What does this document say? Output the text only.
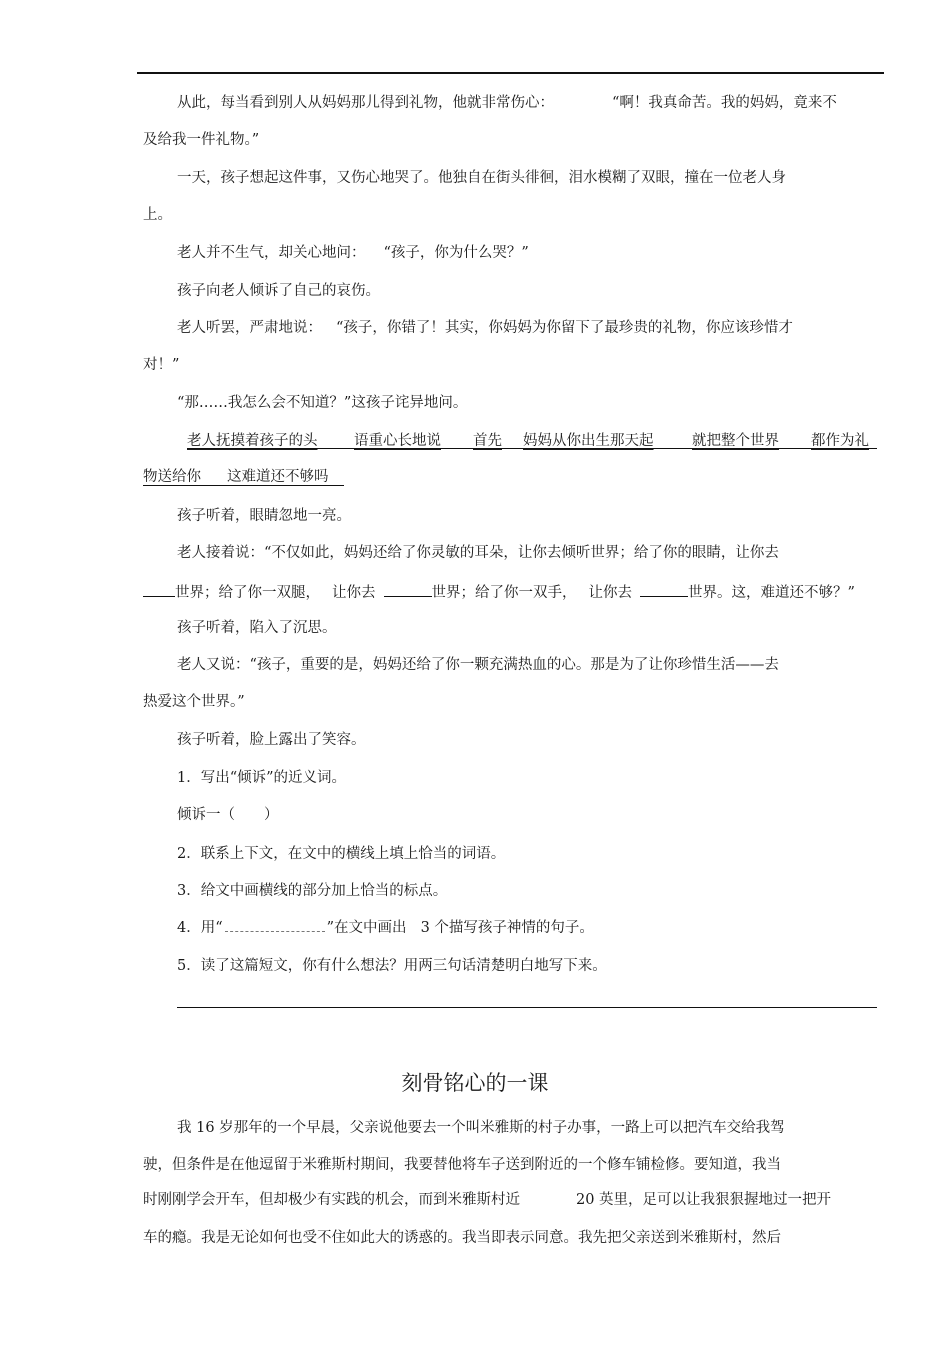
从此，每当看到别人从妈妈那儿得到礼物，他就非常伤心：	“啊！我真命苦。我的妈妈，竟来不
及给我一件礼物。”
一天，孩子想起这件事，又伤心地哭了。他独自在街头徘徊，泪水模糊了双眼，撞在一位老人身
上。
老人并不生气，却关心地问： “孩子，你为什么哭？”
孩子向老人倾诉了自己的哀伤。
老人听罢，严肃地说： “孩子，你错了！其实，你妈妈为你留下了最珍贵的礼物，你应该珍惜才
对！”
“那……我怎么会不知道？”这孩子诧异地问。
老人抚摸着孩子的头	语重心长地说 首先 妈妈从你出生那天起	就把整个世界 都作为礼
物送给你 这难道还不够吗
孩子听着，眼睛忽地一亮。
老人接着说：“不仅如此，妈妈还给了你灵敏的耳朵，让你去倾听世界；给了你的眼睛，让你去
世界；给了你一双腿， 让你去	世界；给了你一双手， 让你去	世界。这，难道还不够？”
孩子听着，陷入了沉思。
老人又说：“孩子，重要的是，妈妈还给了你一颗充满热血的心。那是为了让你珍惜生活——去
热爱这个世界。”
孩子听着，脸上露出了笑容。
1．写出“倾诉”的近义词。
倾诉一（　　）
2．联系上下文，在文中的横线上填上恰当的词语。
3．给文中画横线的部分加上恰当的标点。
4．用“	”在文中画出 3 个描写孩子神情的句子。
5．读了这篇短文，你有什么想法？用两三句话清楚明白地写下来。
刻骨铭心的一课
我 16 岁那年的一个早晨，父亲说他要去一个叫米雅斯的村子办事，一路上可以把汽车交给我驾
驶，但条件是在他逗留于米雅斯村期间，我要替他将车子送到附近的一个修车铺检修。要知道，我当
时刚刚学会开车，但却极少有实践的机会，而到米雅斯村近	20 英里，足可以让我狠狠握地过一把开
车的瘾。我是无论如何也受不住如此大的诱惑的。我当即表示同意。我先把父亲送到米雅斯村，然后
